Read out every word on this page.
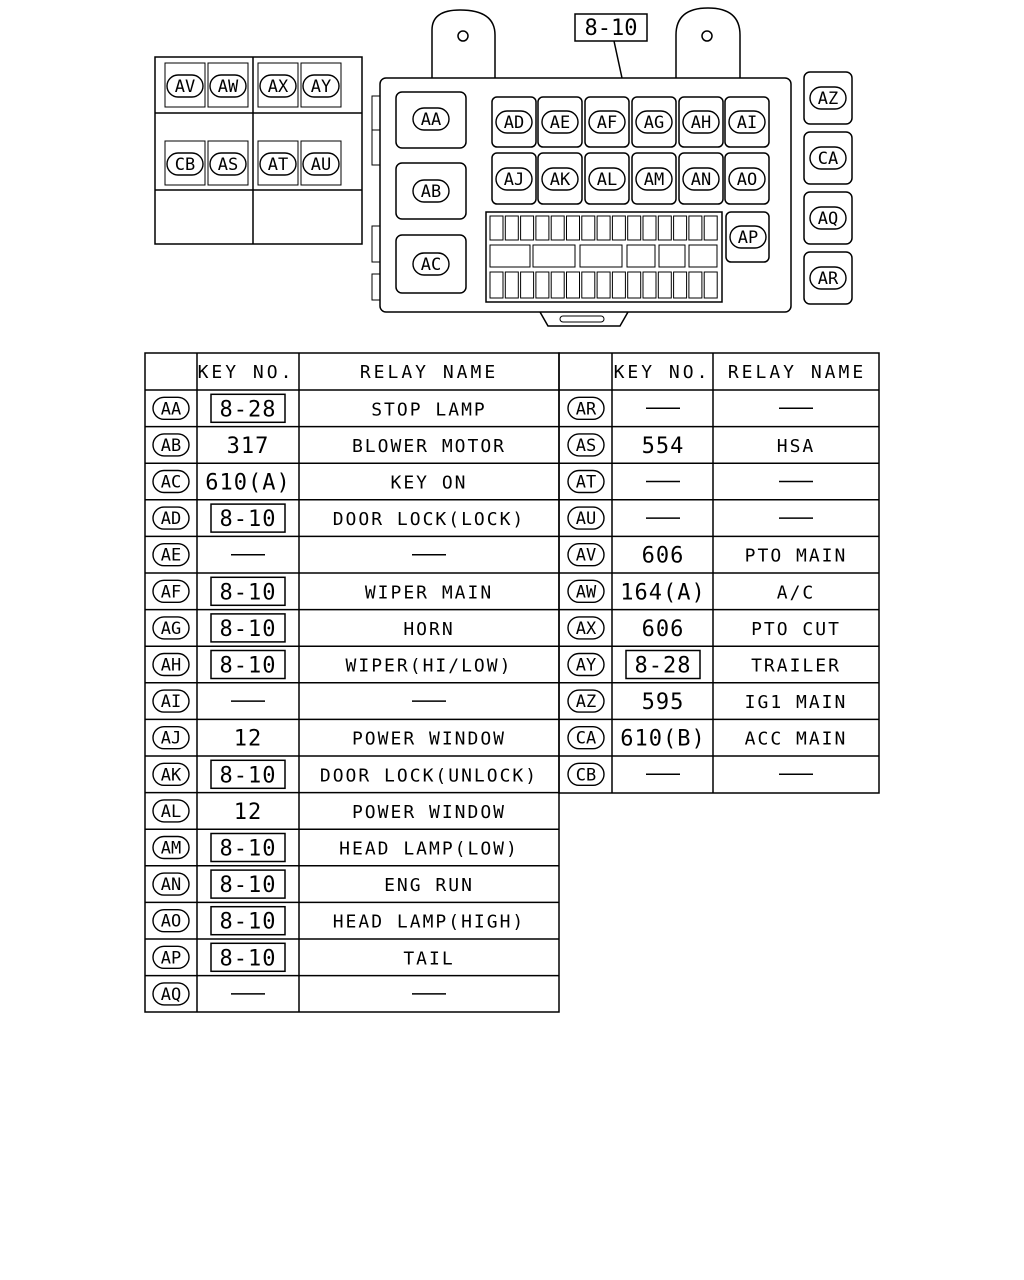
AV AW AX AY
CB AS AT AU
8-10
AA
AB
AC
AD AE AF AG AH AI
AJ AK AL AM AN AO
AP
AZ
CA
AQ
AR
KEY NO.	RELAY NAME	KEY NO. RELAY NAME
AA 8-28	STOP LAMP
AB 317	BLOWER MOTOR
AC 610(A)	KEY ON
AD 8-10	DOOR LOCK(LOCK)
AE
AF 8-10	WIPER MAIN
AG 8-10	HORN
AH 8-10	WIPER(HI/LOW)
AI
AJ 12	POWER WINDOW
AK 8-10 DOOR LOCK(UNLOCK)
AL 12	POWER WINDOW
AM 8-10	HEAD LAMP(LOW)
AN 8-10	ENG RUN
AO 8-10	HEAD LAMP(HIGH)
AP 8-10	TAIL
AQ
AR
AS 554	HSA
AT
AU
AV 606	PTO MAIN
AW 164(A)	A/C
AX 606	PTO CUT
AY 8-28	TRAILER
AZ 595	IG1 MAIN
CA 610(B) ACC MAIN
CB
